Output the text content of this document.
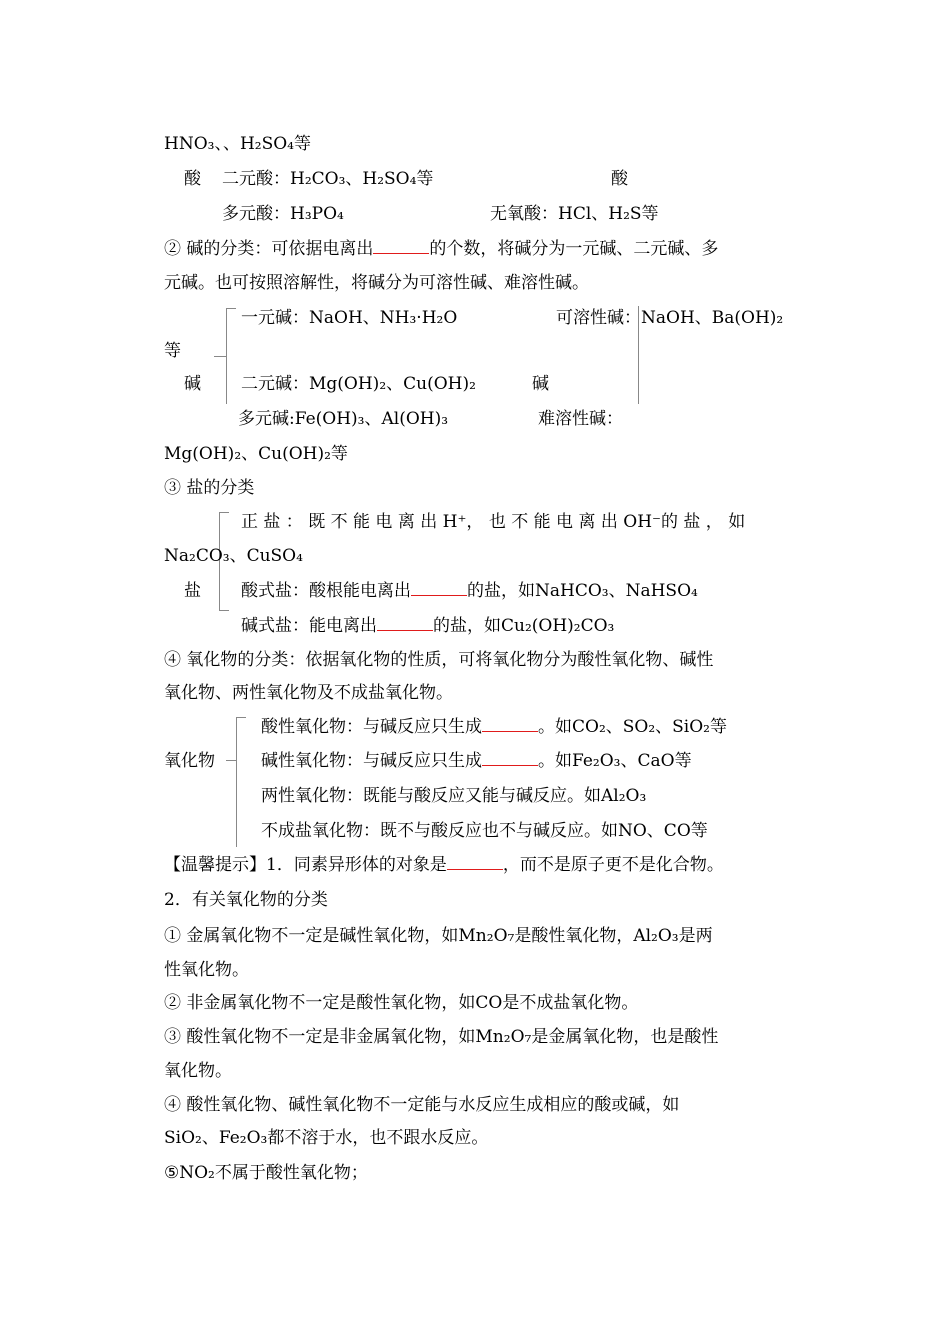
HNO₃、、H₂SO₄等
酸 二元酸：H₂CO₃、H₂SO₄等	酸
多元酸：H₃PO₄	无氧酸：HCl、H₂S等
② 碱的分类：可依据电离出	的个数，将碱分为一元碱、二元碱、多
元碱。也可按照溶解性，将碱分为可溶性碱、难溶性碱。
一元碱：NaOH、NH₃·H₂O	可溶性碱：NaOH、Ba(OH)₂
等
碱 二元碱：Mg(OH)₂、Cu(OH)₂	碱
多元碱:Fe(OH)₃、Al(OH)₃	难溶性碱：
Mg(OH)₂、Cu(OH)₂等
③ 盐的分类
正 盐 ： 既 不 能 电 离 出 H⁺， 也 不 能 电 离 出 OH⁻的 盐 ， 如
Na₂CO₃、CuSO₄
盐 酸式盐：酸根能电离出	的盐，如NaHCO₃、NaHSO₄
碱式盐：能电离出	的盐，如Cu₂(OH)₂CO₃
④ 氧化物的分类：依据氧化物的性质，可将氧化物分为酸性氧化物、碱性
氧化物、两性氧化物及不成盐氧化物。
酸性氧化物：与碱反应只生成	。如CO₂、SO₂、SiO₂等
氧化物	碱性氧化物：与碱反应只生成	。如Fe₂O₃、CaO等
两性氧化物：既能与酸反应又能与碱反应。如Al₂O₃
不成盐氧化物：既不与酸反应也不与碱反应。如NO、CO等
【温馨提示】1．同素异形体的对象是	，而不是原子更不是化合物。
2．有关氧化物的分类
① 金属氧化物不一定是碱性氧化物，如Mn₂O₇是酸性氧化物，Al₂O₃是两
性氧化物。
② 非金属氧化物不一定是酸性氧化物，如CO是不成盐氧化物。
③ 酸性氧化物不一定是非金属氧化物，如Mn₂O₇是金属氧化物，也是酸性
氧化物。
④ 酸性氧化物、碱性氧化物不一定能与水反应生成相应的酸或碱，如
SiO₂、Fe₂O₃都不溶于水，也不跟水反应。
⑤NO₂不属于酸性氧化物；
